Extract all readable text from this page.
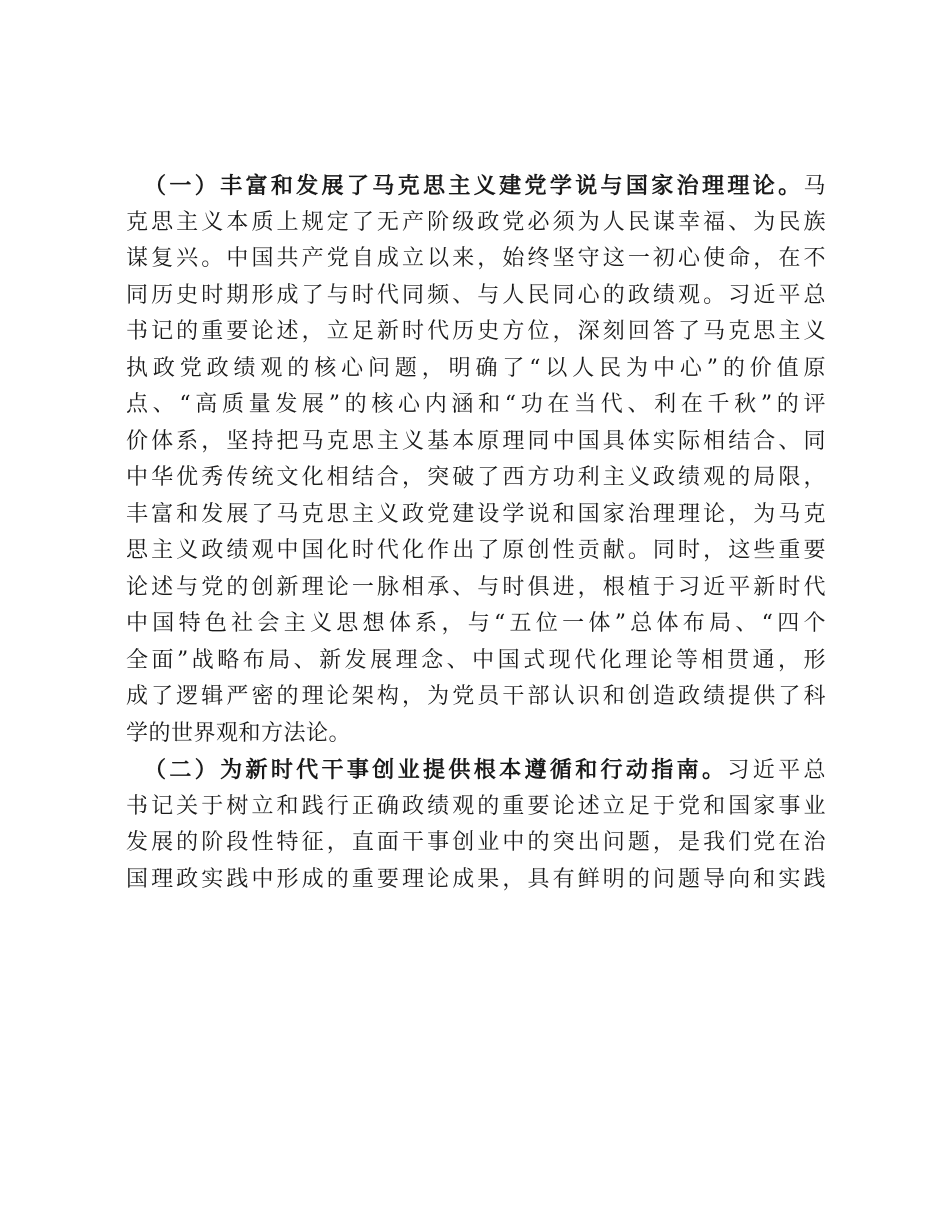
（一）丰富和发展了马克思主义建党学说与国家治理理论。马
克思主义本质上规定了无产阶级政党必须为人民谋幸福、为民族
谋复兴。中国共产党自成立以来，始终坚守这一初心使命，在不
同历史时期形成了与时代同频、与人民同心的政绩观。习近平总
书记的重要论述，立足新时代历史方位，深刻回答了马克思主义
执政党政绩观的核心问题，明确了“以人民为中心”的价值原
点、“高质量发展”的核心内涵和“功在当代、利在千秋”的评
价体系，坚持把马克思主义基本原理同中国具体实际相结合、同
中华优秀传统文化相结合，突破了西方功利主义政绩观的局限，
丰富和发展了马克思主义政党建设学说和国家治理理论，为马克
思主义政绩观中国化时代化作出了原创性贡献。同时，这些重要
论述与党的创新理论一脉相承、与时俱进，根植于习近平新时代
中国特色社会主义思想体系，与“五位一体”总体布局、“四个
全面”战略布局、新发展理念、中国式现代化理论等相贯通，形
成了逻辑严密的理论架构，为党员干部认识和创造政绩提供了科
学的世界观和方法论。
（二）为新时代干事创业提供根本遵循和行动指南。习近平总
书记关于树立和践行正确政绩观的重要论述立足于党和国家事业
发展的阶段性特征，直面干事创业中的突出问题，是我们党在治
国理政实践中形成的重要理论成果，具有鲜明的问题导向和实践
